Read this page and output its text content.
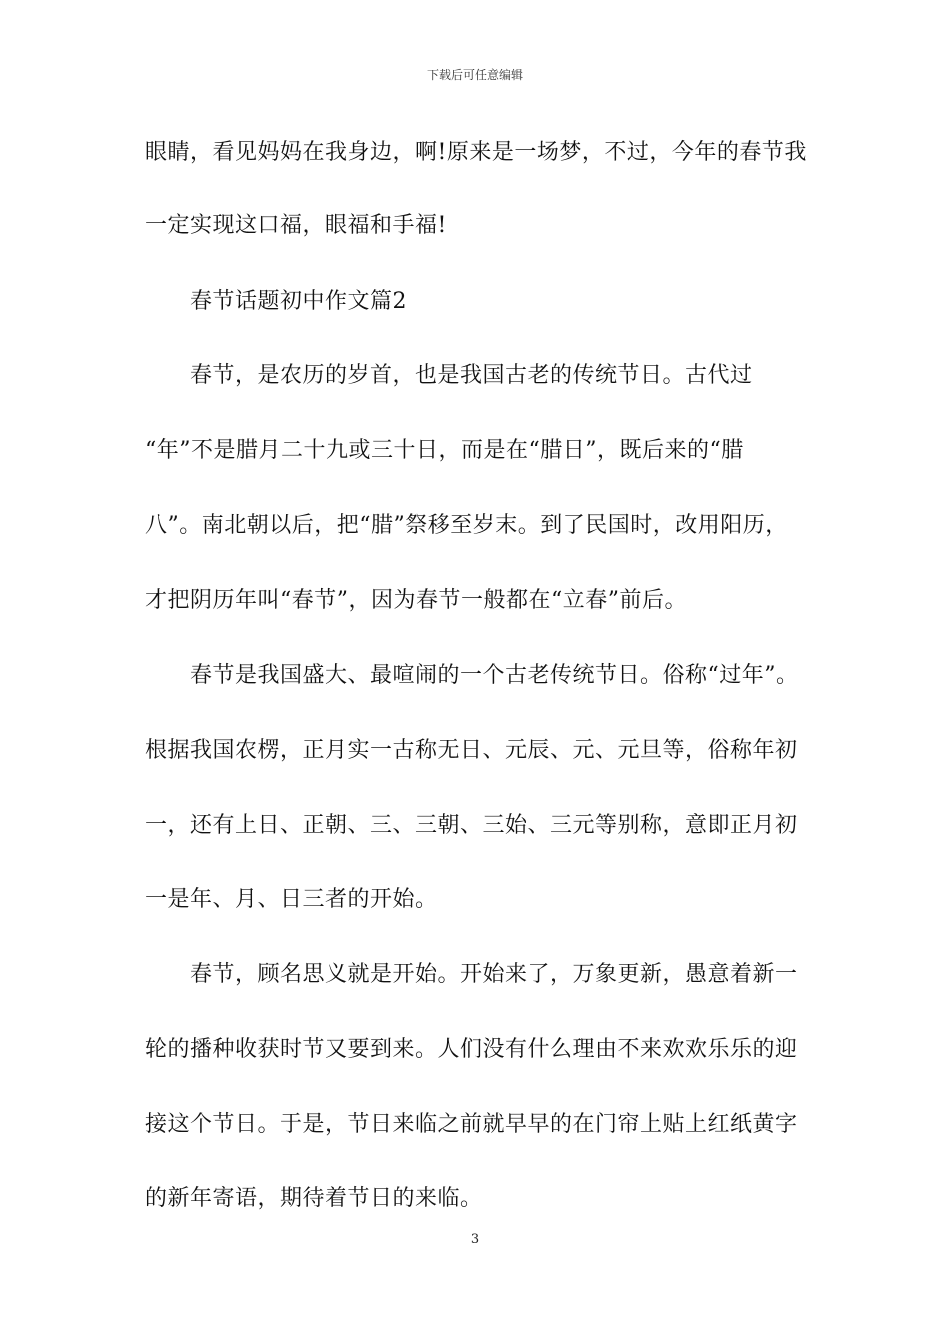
下载后可任意编辑
眼睛，看见妈妈在我身边，啊!原来是一场梦，不过，今年的春节我
一定实现这口福，眼福和手福!
春节话题初中作文篇2
春节，是农历的岁首，也是我国古老的传统节日。古代过
“年”不是腊月二十九或三十日，而是在“腊日”，既后来的“腊
八”。南北朝以后，把“腊”祭移至岁末。到了民国时，改用阳历，
才把阴历年叫“春节”，因为春节一般都在“立春”前后。
春节是我国盛大、最喧闹的一个古老传统节日。俗称“过年”。
根据我国农楞，正月实一古称无日、元辰、元、元旦等，俗称年初
一，还有上日、正朝、三、三朝、三始、三元等别称，意即正月初
一是年、月、日三者的开始。
春节，顾名思义就是开始。开始来了，万象更新，愚意着新一
轮的播种收获时节又要到来。人们没有什么理由不来欢欢乐乐的迎
接这个节日。于是，节日来临之前就早早的在门帘上贴上红纸黄字
的新年寄语，期待着节日的来临。
3
